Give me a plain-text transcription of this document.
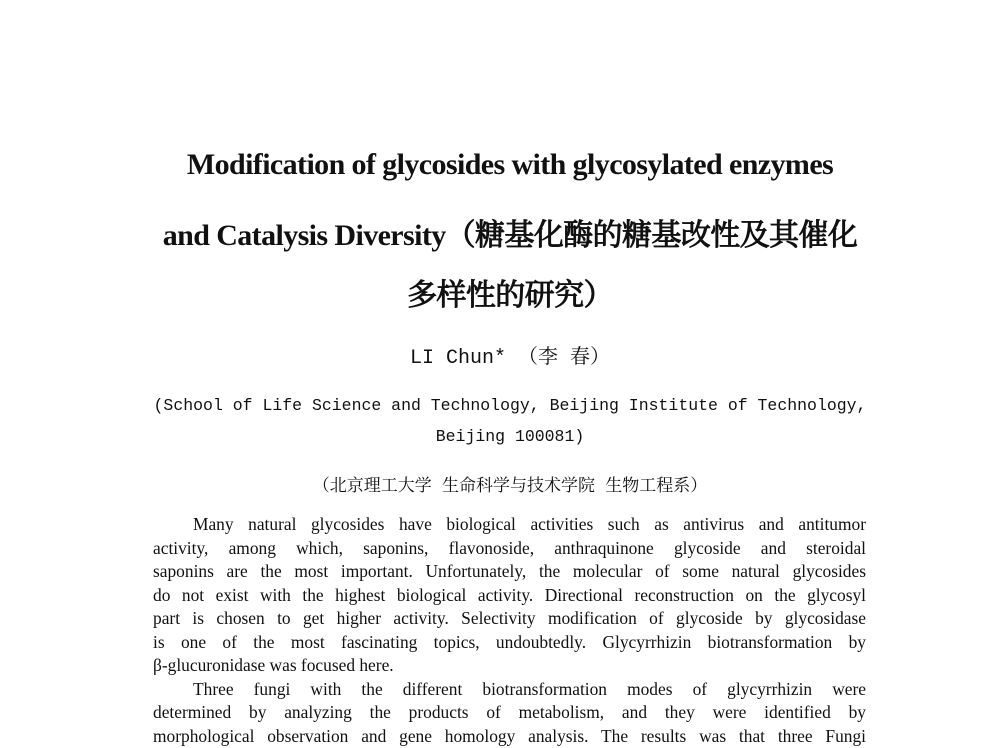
Modification of glycosides with glycosylated enzymes
and Catalysis Diversity（糖基化酶的糖基改性及其催化
多样性的研究）
LI Chun* （李 春）
(School of Life Science and Technology, Beijing Institute of Technology,
Beijing 100081)
（北京理工大学 生命科学与技术学院 生物工程系）
Many natural glycosides have biological activities such as antivirus and antitumor
activity, among which, saponins, flavonoside, anthraquinone glycoside and steroidal
saponins are the most important. Unfortunately, the molecular of some natural glycosides
do not exist with the highest biological activity. Directional reconstruction on the glycosyl
part is chosen to get higher activity. Selectivity modification of glycoside by glycosidase
is one of the most fascinating topics, undoubtedly. Glycyrrhizin biotransformation by
β-glucuronidase was focused here.
Three fungi with the different biotransformation modes of glycyrrhizin were
determined by analyzing the products of metabolism, and they were identified by
morphological observation and gene homology analysis. The results was that three Fungi
